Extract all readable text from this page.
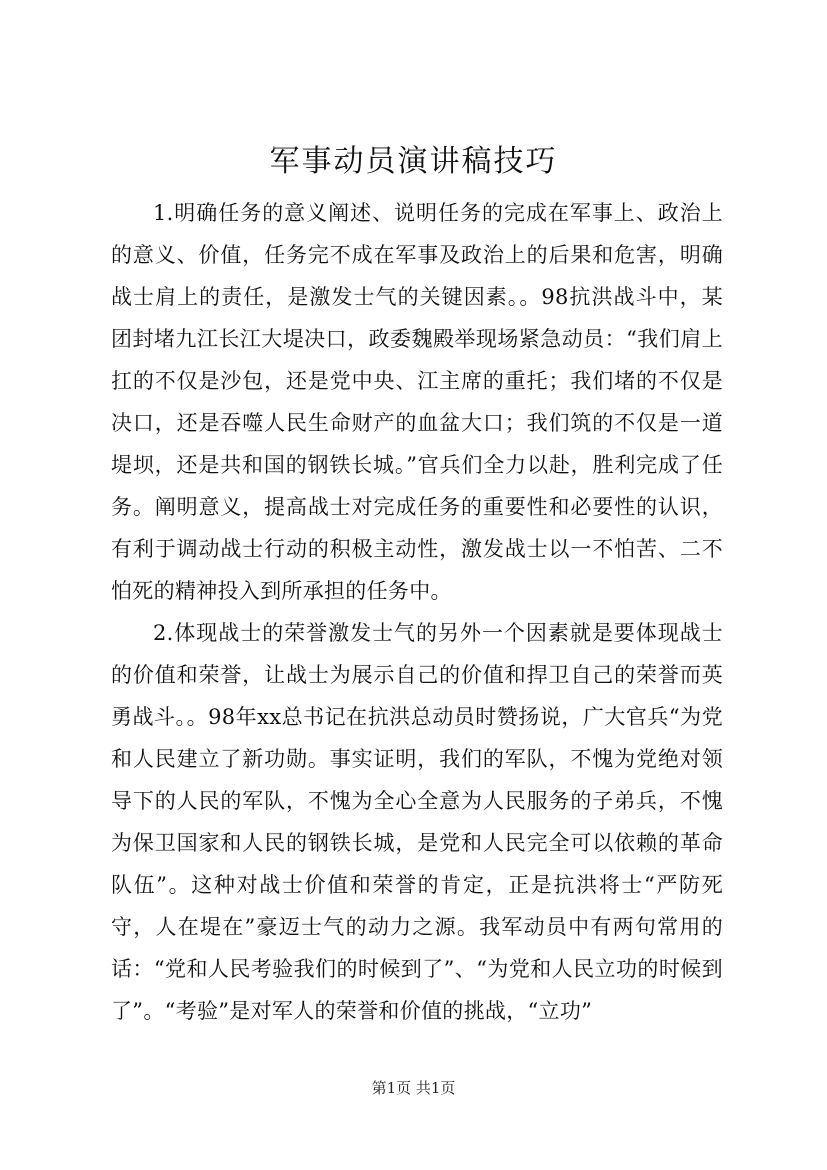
军事动员演讲稿技巧

1.明确任务的意义阐述、说明任务的完成在军事上、政治上的意义、价值，任务完不成在军事及政治上的后果和危害，明确战士肩上的责任，是激发士气的关键因素。。98抗洪战斗中，某团封堵九江长江大堤决口，政委魏殿举现场紧急动员：“我们肩上扛的不仅是沙包，还是党中央、江主席的重托；我们堵的不仅是决口，还是吞噬人民生命财产的血盆大口；我们筑的不仅是一道堤坝，还是共和国的钢铁长城。”官兵们全力以赴，胜利完成了任务。阐明意义，提高战士对完成任务的重要性和必要性的认识，有利于调动战士行动的积极主动性，激发战士以一不怕苦、二不怕死的精神投入到所承担的任务中。

2.体现战士的荣誉激发士气的另外一个因素就是要体现战士的价值和荣誉，让战士为展示自己的价值和捍卫自己的荣誉而英勇战斗。。98年xx总书记在抗洪总动员时赞扬说，广大官兵“为党和人民建立了新功勋。事实证明，我们的军队，不愧为党绝对领导下的人民的军队，不愧为全心全意为人民服务的子弟兵，不愧为保卫国家和人民的钢铁长城，是党和人民完全可以依赖的革命队伍”。这种对战士价值和荣誉的肯定，正是抗洪将士“严防死守，人在堤在”豪迈士气的动力之源。我军动员中有两句常用的话：“党和人民考验我们的时候到了”、“为党和人民立功的时候到了”。“考验”是对军人的荣誉和价值的挑战，“立功”

第1页 共1页
